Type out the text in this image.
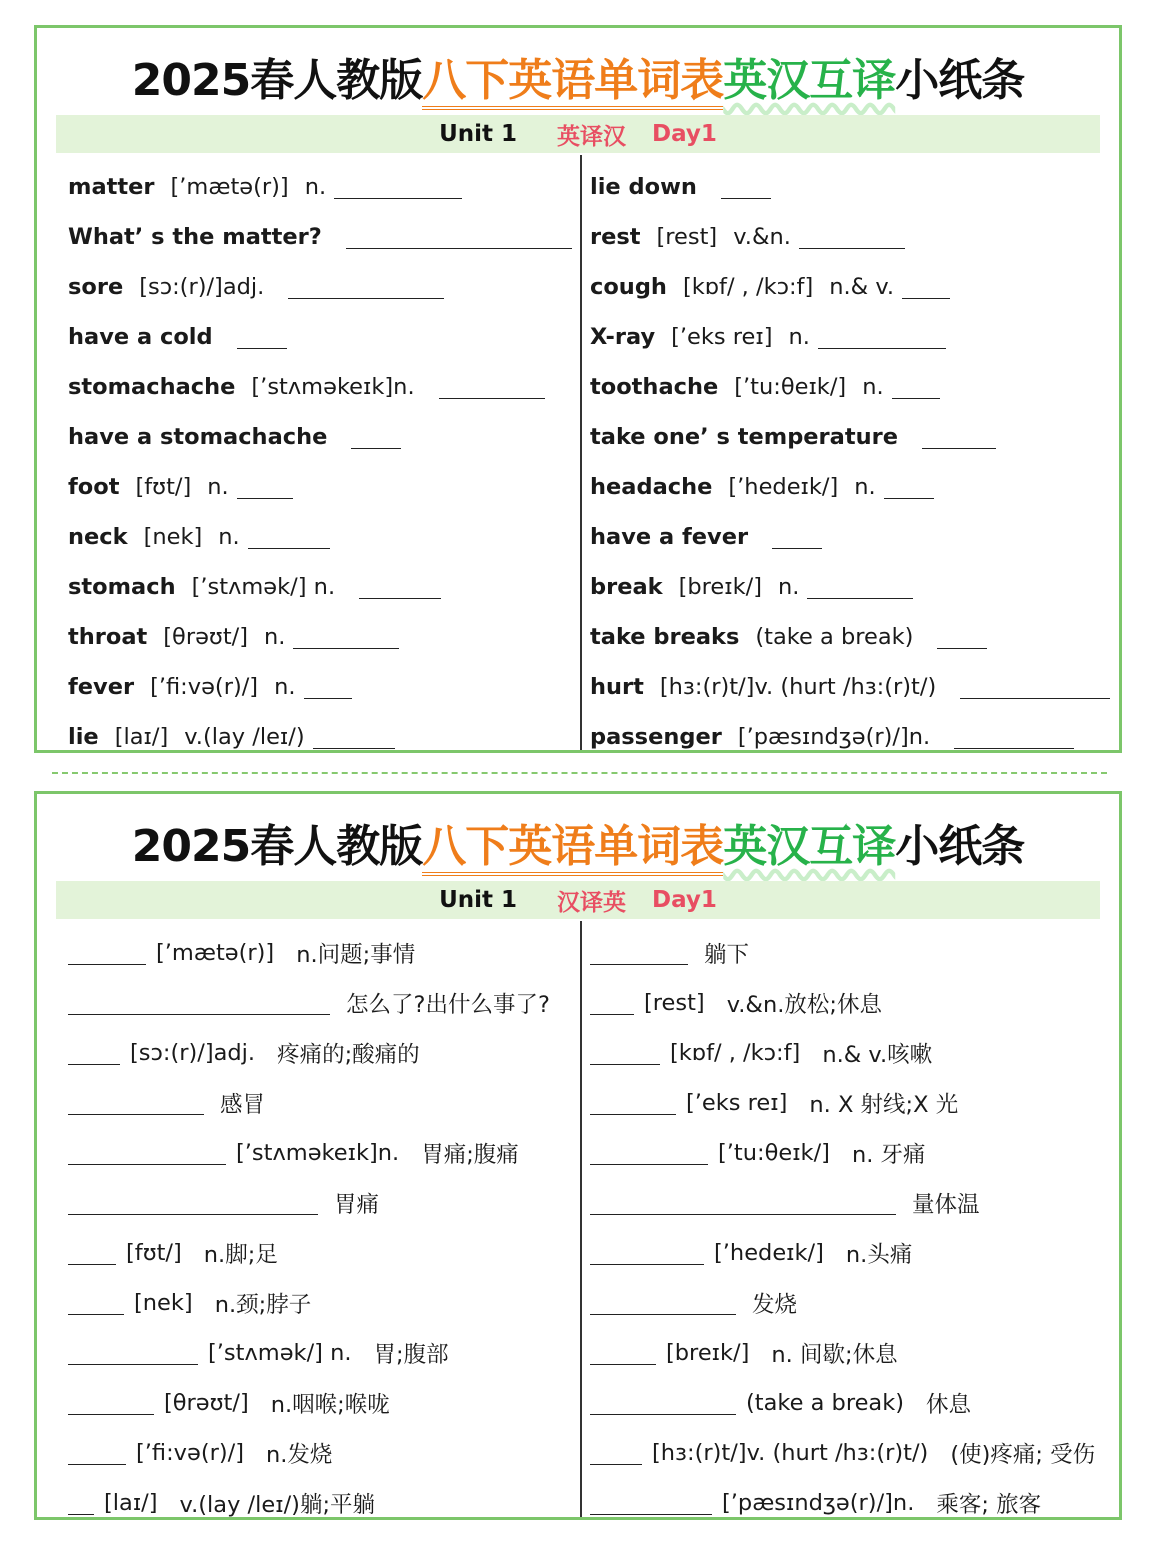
2025春人教版八下英语单词表英汉互译小纸条
Unit 1 英译汉 Day1
matter [’mætə(r)] n.
What’ s the matter?
sore [sɔ:(r)/]adj.
have a cold
stomachache [’stʌməkeɪk]n.
have a stomachache
foot [fʊt/] n.
neck [nek] n.
stomach [’stʌmək/] n.
throat [θrəʊt/] n.
fever [’fi:və(r)/] n.
lie [laɪ/] v.(lay /leɪ/)
lie down
rest [rest] v.&n.
cough [kɒf/ , /kɔ:f] n.& v.
X-ray [’eks reɪ] n.
toothache [’tu:θeɪk/] n.
take one’ s temperature
headache [’hedeɪk/] n.
have a fever
break [breɪk/] n.
take breaks (take a break)
hurt [hɜ:(r)t/]v. (hurt /hɜ:(r)t/)
passenger [’pæsɪndʒə(r)/]n.
2025春人教版八下英语单词表英汉互译小纸条
Unit 1 汉译英 Day1
[’mætə(r)] n.问题;事情
怎么了?出什么事了?
[sɔ:(r)/]adj. 疼痛的;酸痛的
感冒
[’stʌməkeɪk]n. 胃痛;腹痛
胃痛
[fʊt/] n.脚;足
[nek] n.颈;脖子
[’stʌmək/] n. 胃;腹部
[θrəʊt/] n.咽喉;喉咙
[’fi:və(r)/] n.发烧
[laɪ/] v.(lay /leɪ/)躺;平躺
躺下
[rest] v.&n.放松;休息
[kɒf/ , /kɔ:f] n.& v.咳嗽
[’eks reɪ] n. X 射线;X 光
[’tu:θeɪk/] n. 牙痛
量体温
[’hedeɪk/] n.头痛
发烧
[breɪk/] n. 间歇;休息
(take a break) 休息
[hɜ:(r)t/]v. (hurt /hɜ:(r)t/) (使)疼痛; 受伤
[’pæsɪndʒə(r)/]n. 乘客; 旅客
